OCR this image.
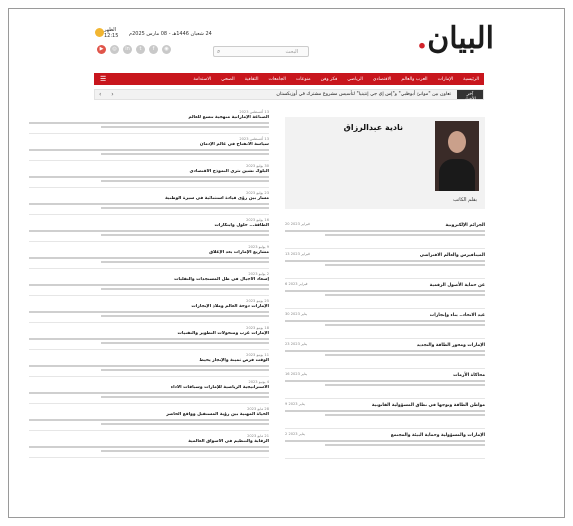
البيان.
24 شعبان 1446هـ - 08 مارس 2025م
الظهر
12:15
▶	◎	in	t	f	◉	⌕	البحث
الرئيسية
الإمارات
العرب والعالم
الاقتصادي
الرياضي
فكر وفن
منوعات
الجامعات
الثقافية
الصحي
الاستدامة
☰
آخر الأخبار
تعاون بين "موانئ أبوظبي" و"إس إي جي إنتينيا" لتأسيس مشروع مشترك في أوزبكستان
‹ ›
13 أغسطس 2023
الصناعة الإماراتية منهجية تتسع للعالم
13 أغسطس 2023
سياسة الانفتاح في عالم الإدمان
30 يوليو 2023
البلوك تشين تثري النموذج الاقتصادي
23 يوليو 2023
مسار بين رؤى قيادة استثنائية في سيرة الوطنية
16 يوليو 2023
الطاقة... حلول وابتكارات
9 يوليو 2023
مشاريع الإمارات بعد الإغلاق
2 يوليو 2023
إسعاد الأجيال في ظل المستجدات والتقلبات
25 يونيو 2023
الإمارات دوحة العالم وملاذ الإنجازات
18 يونيو 2023
الإمارات غرب ومتحولات التطوير والتقنيات
11 يونيو 2023
الوقت فرص ثمينة والإنجاز يحيط
4 يونيو 2023
الاستراتيجية الرياضية للإمارات وسباقات الأداء
28 مايو 2023
الحياة المهنية بين رؤية المستقبل وواقع الحاضر
21 مايو 2023
الرقابة والتنظيم في الأسواق العالمية
نادية عبدالرزاق
بقلم الكاتب
20 فبراير 2023	الجرائم الإلكترونية
13 فبراير 2023	الميتافيرس والعالم الافتراضي
6 فبراير 2023	عن حماية الأصول الرقمية
30 يناير 2023	عيد الاتحاد.. بناء وإنجازات
23 يناير 2023	الإمارات ومحور الطاقة والتجديد
16 يناير 2023	محاكاة الأزمات
9 يناير 2023	مواطن الطاقة وتوجها في نطاق المسؤولية القانونية
2 يناير 2023	الإمارات والمسؤولية وحماية البيئة والمجتمع
